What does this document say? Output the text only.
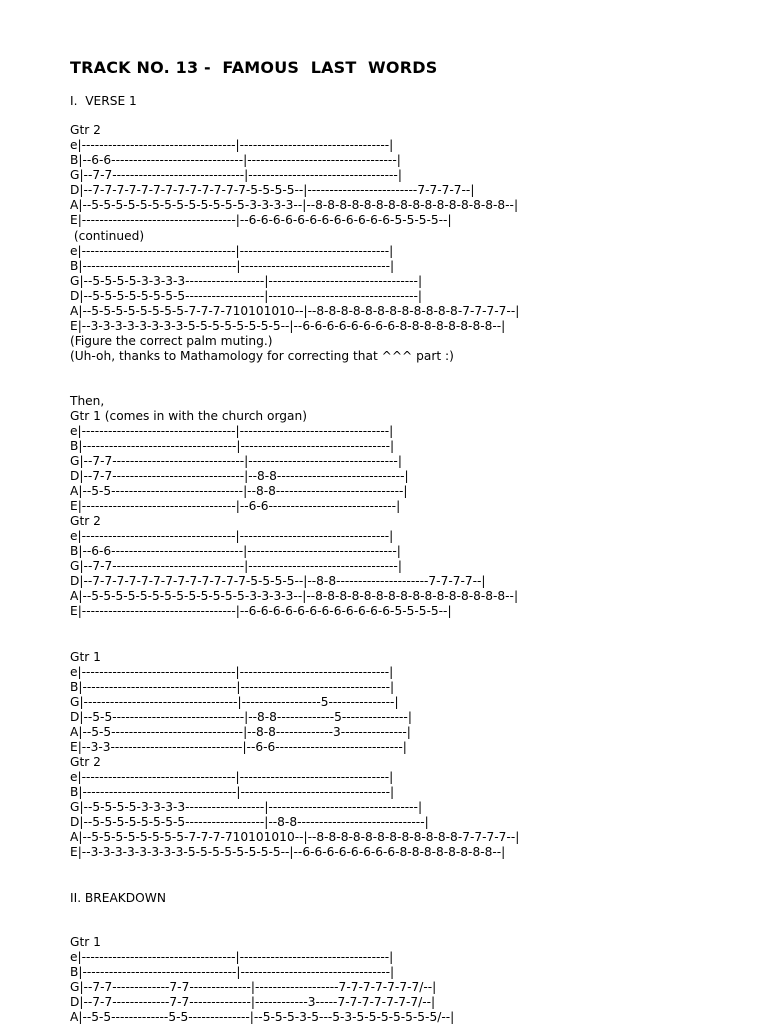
TRACK NO. 13 -  FAMOUS  LAST  WORDS

I.  VERSE 1

Gtr 2

e|-----------------------------------|----------------------------------|

B|--6-6------------------------------|----------------------------------|

G|--7-7------------------------------|----------------------------------|

D|--7-7-7-7-7-7-7-7-7-7-7-7-7-5-5-5-5--|-------------------------7-7-7-7--|

A|--5-5-5-5-5-5-5-5-5-5-5-5-5-3-3-3-3--|--8-8-8-8-8-8-8-8-8-8-8-8-8-8-8-8--|

E|-----------------------------------|--6-6-6-6-6-6-6-6-6-6-6-6-5-5-5-5--|

(continued)

e|-----------------------------------|----------------------------------|

B|-----------------------------------|----------------------------------|

G|--5-5-5-5-3-3-3-3------------------|----------------------------------|

D|--5-5-5-5-5-5-5-5------------------|----------------------------------|

A|--5-5-5-5-5-5-5-5-7-7-7-710101010--|--8-8-8-8-8-8-8-8-8-8-8-8-7-7-7-7--|

E|--3-3-3-3-3-3-3-3-5-5-5-5-5-5-5-5--|--6-6-6-6-6-6-6-6-8-8-8-8-8-8-8-8--|

(Figure the correct palm muting.)

(Uh-oh, thanks to Mathamology for correcting that ^^^ part :)

Then,

Gtr 1 (comes in with the church organ)

e|-----------------------------------|----------------------------------|

B|-----------------------------------|----------------------------------|

G|--7-7------------------------------|----------------------------------|

D|--7-7------------------------------|--8-8-----------------------------|

A|--5-5------------------------------|--8-8-----------------------------|

E|-----------------------------------|--6-6-----------------------------|

Gtr 2

e|-----------------------------------|----------------------------------|

B|--6-6------------------------------|----------------------------------|

G|--7-7------------------------------|----------------------------------|

D|--7-7-7-7-7-7-7-7-7-7-7-7-7-5-5-5-5--|--8-8---------------------7-7-7-7--|

A|--5-5-5-5-5-5-5-5-5-5-5-5-5-3-3-3-3--|--8-8-8-8-8-8-8-8-8-8-8-8-8-8-8-8--|

E|-----------------------------------|--6-6-6-6-6-6-6-6-6-6-6-6-5-5-5-5--|

Gtr 1

e|-----------------------------------|----------------------------------|

B|-----------------------------------|----------------------------------|

G|-----------------------------------|------------------5---------------|

D|--5-5------------------------------|--8-8-------------5---------------|

A|--5-5------------------------------|--8-8-------------3---------------|

E|--3-3------------------------------|--6-6-----------------------------|

Gtr 2

e|-----------------------------------|----------------------------------|

B|-----------------------------------|----------------------------------|

G|--5-5-5-5-3-3-3-3------------------|----------------------------------|

D|--5-5-5-5-5-5-5-5------------------|--8-8-----------------------------|

A|--5-5-5-5-5-5-5-5-7-7-7-710101010--|--8-8-8-8-8-8-8-8-8-8-8-8-7-7-7-7--|

E|--3-3-3-3-3-3-3-3-5-5-5-5-5-5-5-5--|--6-6-6-6-6-6-6-6-8-8-8-8-8-8-8-8--|

II. BREAKDOWN

Gtr 1

e|-----------------------------------|----------------------------------|

B|-----------------------------------|----------------------------------|

G|--7-7-------------7-7--------------|-------------------7-7-7-7-7-7-7/--|

D|--7-7-------------7-7--------------|------------3-----7-7-7-7-7-7-7/--|

A|--5-5-------------5-5--------------|--5-5-5-3-5---5-3-5-5-5-5-5-5-5/--|
